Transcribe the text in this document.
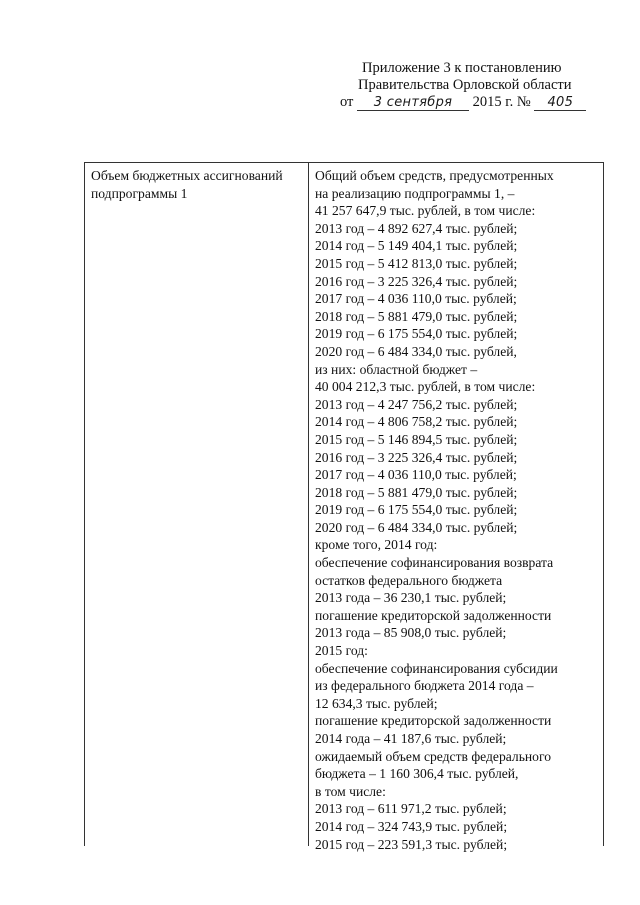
Приложение 3 к постановлению
Правительства Орловской области
от 3 сентября 2015 г. № 405
Объем бюджетных ассигнований подпрограммы 1
Общий объем средств, предусмотренных
на реализацию подпрограммы 1, –
41 257 647,9 тыс. рублей, в том числе:
2013 год – 4 892 627,4 тыс. рублей;
2014 год – 5 149 404,1 тыс. рублей;
2015 год – 5 412 813,0 тыс. рублей;
2016 год – 3 225 326,4 тыс. рублей;
2017 год – 4 036 110,0 тыс. рублей;
2018 год – 5 881 479,0 тыс. рублей;
2019 год – 6 175 554,0 тыс. рублей;
2020 год – 6 484 334,0 тыс. рублей,
из них: областной бюджет –
40 004 212,3 тыс. рублей, в том числе:
2013 год – 4 247 756,2 тыс. рублей;
2014 год – 4 806 758,2 тыс. рублей;
2015 год – 5 146 894,5 тыс. рублей;
2016 год – 3 225 326,4 тыс. рублей;
2017 год – 4 036 110,0 тыс. рублей;
2018 год – 5 881 479,0 тыс. рублей;
2019 год – 6 175 554,0 тыс. рублей;
2020 год – 6 484 334,0 тыс. рублей;
кроме того, 2014 год:
обеспечение софинансирования возврата
остатков федерального бюджета
2013 года – 36 230,1 тыс. рублей;
погашение кредиторской задолженности
2013 года – 85 908,0 тыс. рублей;
2015 год:
обеспечение софинансирования субсидии
из федерального бюджета 2014 года –
12 634,3 тыс. рублей;
погашение кредиторской задолженности
2014 года – 41 187,6 тыс. рублей;
ожидаемый объем средств федерального
бюджета – 1 160 306,4 тыс. рублей,
в том числе:
2013 год – 611 971,2 тыс. рублей;
2014 год – 324 743,9 тыс. рублей;
2015 год – 223 591,3 тыс. рублей;
